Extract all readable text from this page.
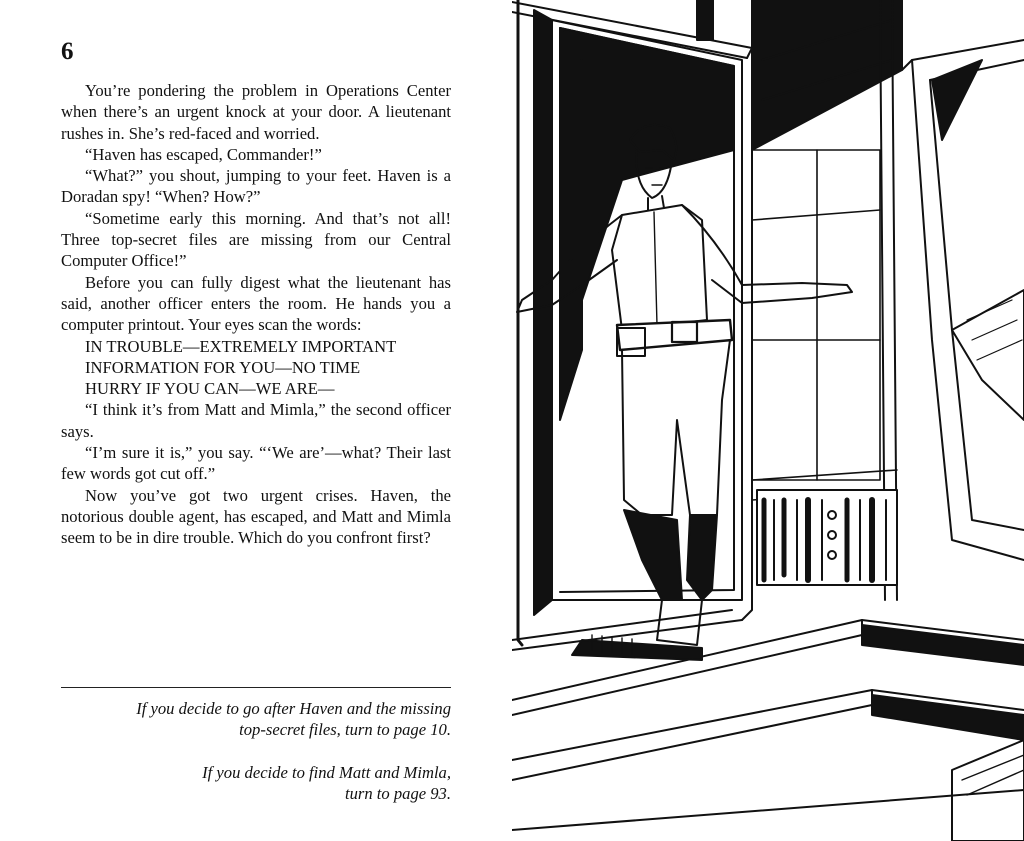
6

You’re pondering the problem in Operations Center when there’s an urgent knock at your door. A lieutenant rushes in. She’s red-faced and worried.

“Haven has escaped, Commander!”

“What?” you shout, jumping to your feet. Haven is a Doradan spy! “When? How?”

“Sometime early this morning. And that’s not all! Three top-secret files are missing from our Central Computer Office!”

Before you can fully digest what the lieutenant has said, another officer enters the room. He hands you a computer printout. Your eyes scan the words:

IN TROUBLE—EXTREMELY IMPORTANT

INFORMATION FOR YOU—NO TIME

HURRY IF YOU CAN—WE ARE—

“I think it’s from Matt and Mimla,” the second officer says.

“I’m sure it is,” you say. “‘We are’—what? Their last few words got cut off.”

Now you’ve got two urgent crises. Haven, the notorious double agent, has escaped, and Matt and Mimla seem to be in dire trouble. Which do you confront first?

If you decide to go after Haven and the missing
top-secret files, turn to page 10.
If you decide to find Matt and Mimla,
turn to page 93.
